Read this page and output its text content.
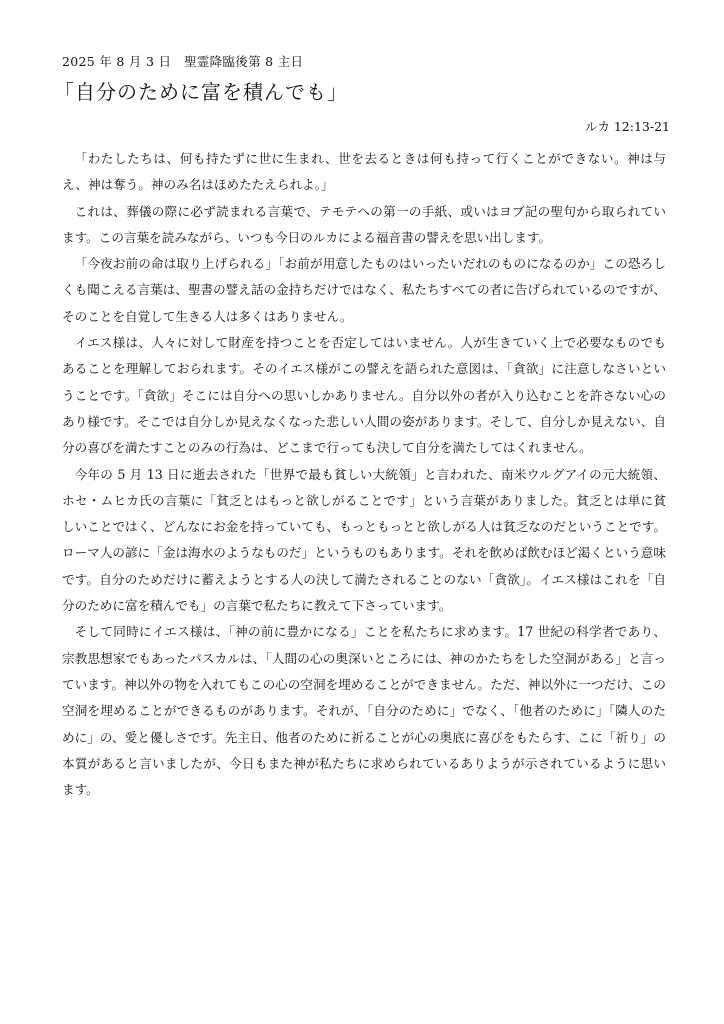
2025 年 8 月 3 日　聖霊降臨後第 8 主日
「自分のために富を積んでも」
ルカ 12:13-21

「わたしたちは、何も持たずに世に生まれ、世を去るときは何も持って行くことができない。神は与え、神は奪う。神のみ名はほめたたえられよ。」

これは、葬儀の際に必ず読まれる言葉で、テモテへの第一の手紙、或いはヨブ記の聖句から取られています。この言葉を読みながら、いつも今日のルカによる福音書の譬えを思い出します。

「今夜お前の命は取り上げられる」「お前が用意したものはいったいだれのものになるのか」この恐ろしくも聞こえる言葉は、聖書の譬え話の金持ちだけではなく、私たちすべての者に告げられているのですが、そのことを自覚して生きる人は多くはありません。

イエス様は、人々に対して財産を持つことを否定してはいません。人が生きていく上で必要なものでもあることを理解しておられます。そのイエス様がこの譬えを語られた意図は、「貪欲」に注意しなさいということです。「貪欲」そこには自分への思いしかありません。自分以外の者が入り込むことを許さない心のあり様です。そこでは自分しか見えなくなった悲しい人間の姿があります。そして、自分しか見えない、自分の喜びを満たすことのみの行為は、どこまで行っても決して自分を満たしてはくれません。

今年の 5 月 13 日に逝去された「世界で最も貧しい大統領」と言われた、南米ウルグアイの元大統領、ホセ・ムヒカ氏の言葉に「貧乏とはもっと欲しがることです」という言葉がありました。貧乏とは単に貧しいことではく、どんなにお金を持っていても、もっともっとと欲しがる人は貧乏なのだということです。ローマ人の諺に「金は海水のようなものだ」というものもあります。それを飲めば飲むほど渇くという意味です。自分のためだけに蓄えようとする人の決して満たされることのない「貪欲」。イエス様はこれを「自分のために富を積んでも」の言葉で私たちに教えて下さっています。

そして同時にイエス様は、「神の前に豊かになる」ことを私たちに求めます。17 世紀の科学者であり、宗教思想家でもあったパスカルは、「人間の心の奥深いところには、神のかたちをした空洞がある」と言っています。神以外の物を入れてもこの心の空洞を埋めることができません。ただ、神以外に一つだけ、この空洞を埋めることができるものがあります。それが、「自分のために」でなく、「他者のために」「隣人のために」の、愛と優しさです。先主日、他者のために祈ることが心の奥底に喜びをもたらす、こに「祈り」の本質があると言いましたが、今日もまた神が私たちに求められているありようが示されているように思います。
